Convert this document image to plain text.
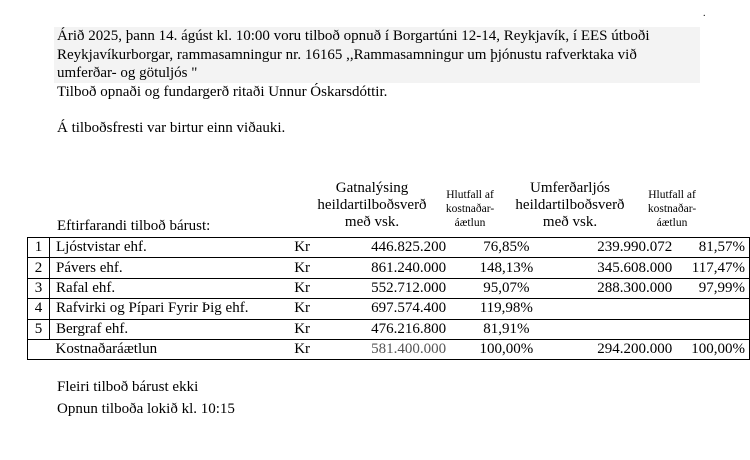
.

Árið 2025, þann 14. ágúst kl. 10:00 voru tilboð opnuð í Borgartúni 12-14, Reykjavík, í EES útboði

Reykjavíkurborgar, rammasamningur nr. 16165 ,,Rammasamningur um þjónustu rafverktaka við

umferðar- og götuljós "

Tilboð opnaði og fundargerð ritaði Unnur Óskarsdóttir.

Á tilboðsfresti var birtur einn viðauki.
Gatnalýsing
heildartilboðsverð
með vsk.
Hlutfall af
kostnaðar-
áætlun
Umferðarljós
heildartilboðsverð
með vsk.
Hlutfall af
kostnaðar-
áætlun
Eftirfarandi tilboð bárust:
1	Ljóstvistar ehf.	Kr	446.825.200	76,85%	239.990.072	81,57%
2	Pávers ehf.	Kr	861.240.000	148,13%	345.608.000	117,47%
3	Rafal ehf.	Kr	552.712.000	95,07%	288.300.000	97,99%
4	Rafvirki og Pípari Fyrir Þig ehf.	Kr	697.574.400	119,98%		
5	Bergraf ehf.	Kr	476.216.800	81,91%		
	Kostnaðaráætlun	Kr	581.400.000	100,00%	294.200.000	100,00%

Fleiri tilboð bárust ekki

Opnun tilboða lokið kl. 10:15
